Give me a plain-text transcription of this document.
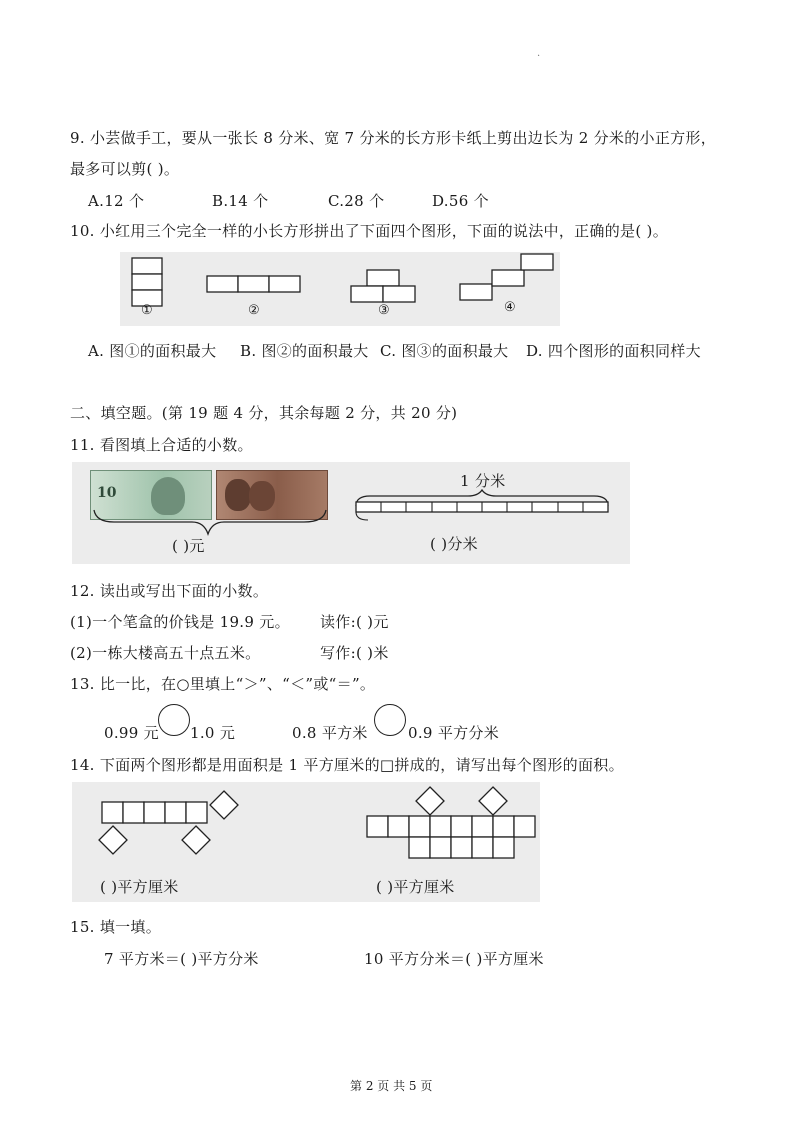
.
9. 小芸做手工，要从一张长 8 分米、宽 7 分米的长方形卡纸上剪出边长为 2 分米的小正方形，
最多可以剪( )。
A.12 个	B.14 个	C.28 个	D.56 个
10. 小红用三个完全一样的小长方形拼出了下面四个图形，下面的说法中，正确的是( )。
①	②	③	④
A. 图①的面积最大 B. 图②的面积最大 C. 图③的面积最大 D. 四个图形的面积同样大
二、填空题。(第 19 题 4 分，其余每题 2 分，共 20 分)
11. 看图填上合适的小数。
10
( )元
1 分米
( )分米
12. 读出或写出下面的小数。
(1)一个笔盒的价钱是 19.9 元。 读作:( )元
(2)一栋大楼高五十点五米。	写作:( )米
13. 比一比，在○里填上“＞”、“＜”或“＝”。
0.99 元 1.0 元	0.8 平方米	0.9 平方分米
14. 下面两个图形都是用面积是 1 平方厘米的□拼成的，请写出每个图形的面积。
( )平方厘米	( )平方厘米
15. 填一填。
7 平方米＝( )平方分米	10 平方分米＝( )平方厘米
第 2 页 共 5 页
